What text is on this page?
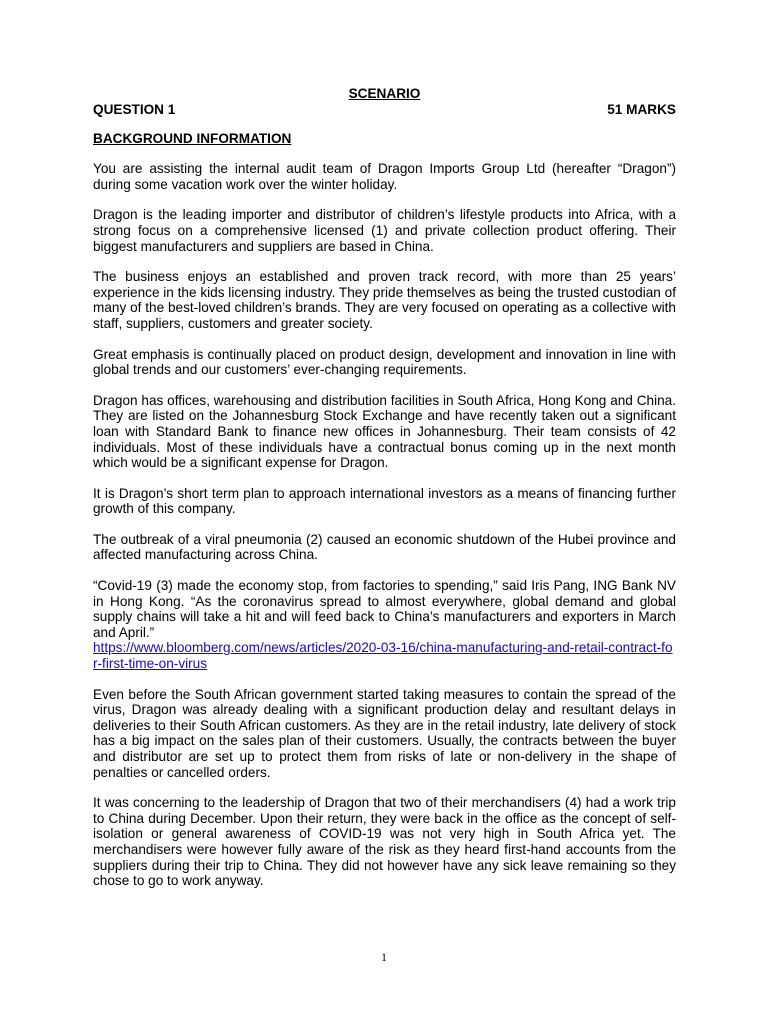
SCENARIO

QUESTION 1	51 MARKS

BACKGROUND INFORMATION

You are assisting the internal audit team of Dragon Imports Group Ltd (hereafter “Dragon”) during some vacation work over the winter holiday.

Dragon is the leading importer and distributor of children’s lifestyle products into Africa, with a strong focus on a comprehensive licensed (1) and private collection product offering. Their biggest manufacturers and suppliers are based in China.

The business enjoys an established and proven track record, with more than 25 years’ experience in the kids licensing industry. They pride themselves as being the trusted custodian of many of the best-loved children’s brands. They are very focused on operating as a collective with staff, suppliers, customers and greater society.

Great emphasis is continually placed on product design, development and innovation in line with global trends and our customers’ ever-changing requirements.

Dragon has offices, warehousing and distribution facilities in South Africa, Hong Kong and China. They are listed on the Johannesburg Stock Exchange and have recently taken out a significant loan with Standard Bank to finance new offices in Johannesburg. Their team consists of 42 individuals. Most of these individuals have a contractual bonus coming up in the next month which would be a significant expense for Dragon.

It is Dragon’s short term plan to approach international investors as a means of financing further growth of this company.

The outbreak of a viral pneumonia (2) caused an economic shutdown of the Hubei province and affected manufacturing across China.

“Covid-19 (3) made the economy stop, from factories to spending,” said Iris Pang, ING Bank NV in Hong Kong. “As the coronavirus spread to almost everywhere, global demand and global supply chains will take a hit and will feed back to China’s manufacturers and exporters in March and April.”

https://www.bloomberg.com/news/articles/2020-03-16/china-manufacturing-and-retail-contract-for-first-time-on-virus

Even before the South African government started taking measures to contain the spread of the virus, Dragon was already dealing with a significant production delay and resultant delays in deliveries to their South African customers. As they are in the retail industry, late delivery of stock has a big impact on the sales plan of their customers. Usually, the contracts between the buyer and distributor are set up to protect them from risks of late or non-delivery in the shape of penalties or cancelled orders.

It was concerning to the leadership of Dragon that two of their merchandisers (4) had a work trip to China during December. Upon their return, they were back in the office as the concept of self-isolation or general awareness of COVID-19 was not very high in South Africa yet. The merchandisers were however fully aware of the risk as they heard first-hand accounts from the suppliers during their trip to China. They did not however have any sick leave remaining so they chose to go to work anyway.

1
